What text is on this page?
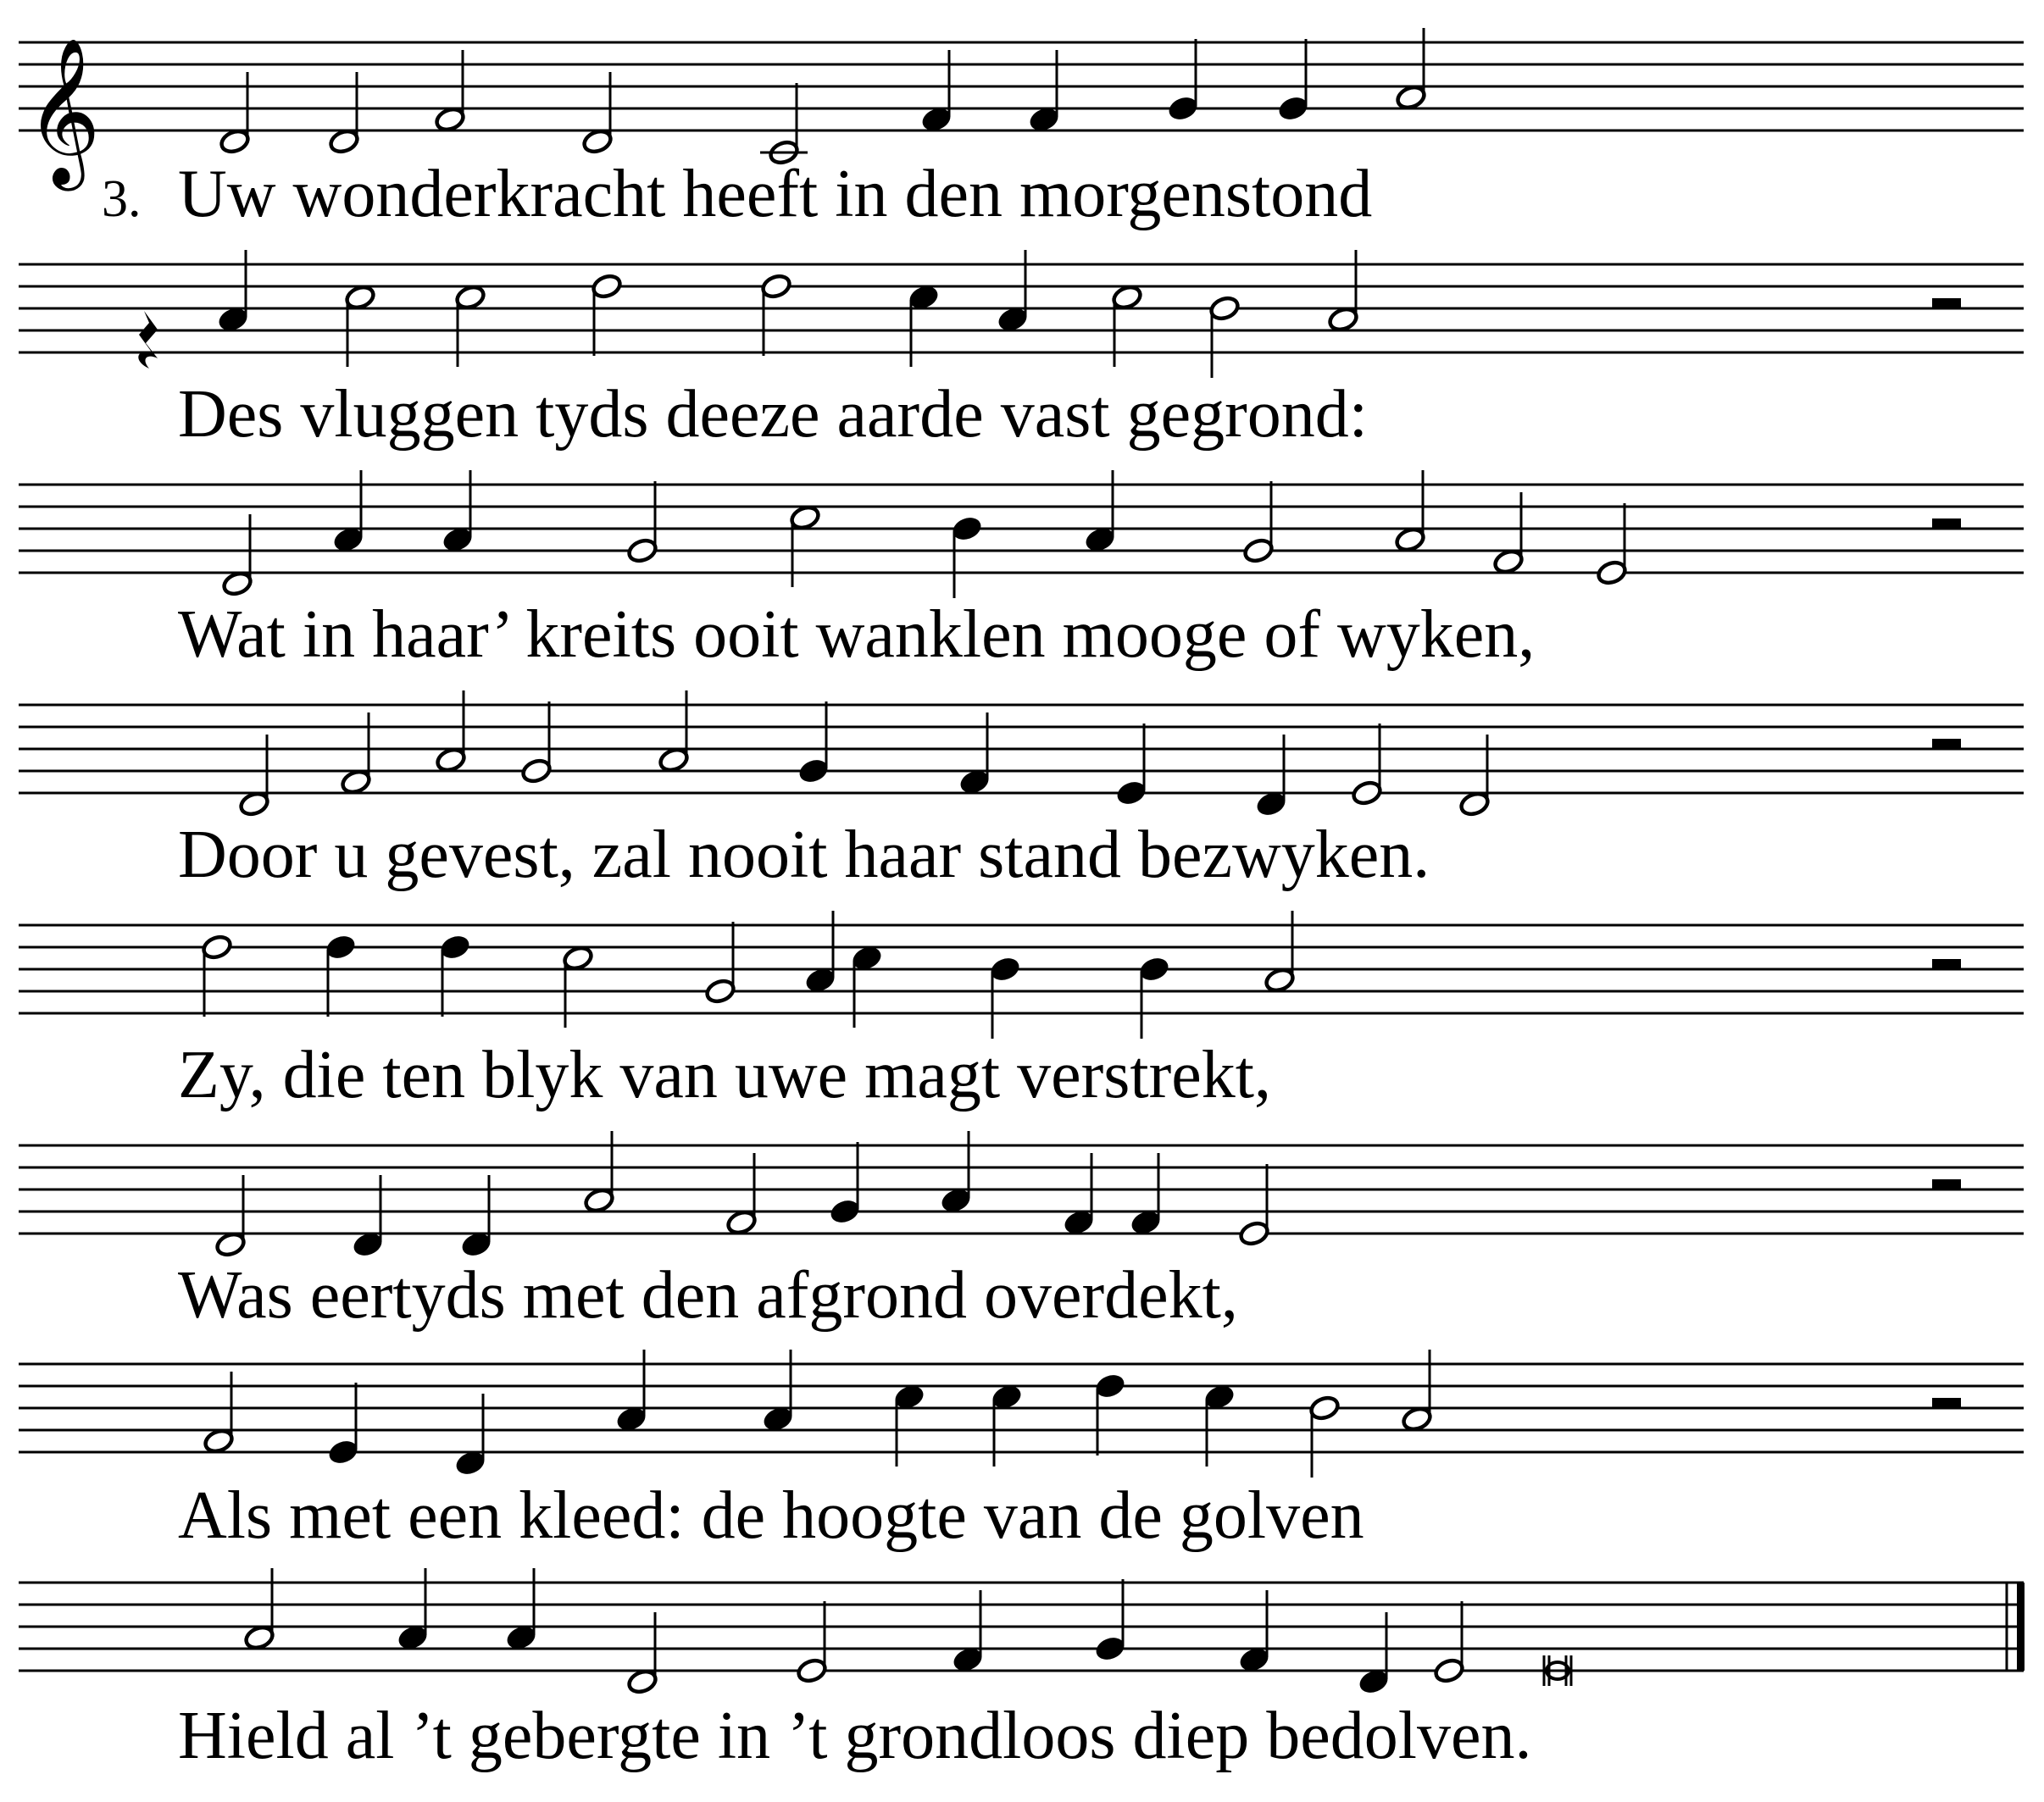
𝄞
3. Uw wonderkracht heeft in den morgenstond
Des vluggen tyds deeze aarde vast gegrond:
Wat in haar’ kreits ooit wanklen mooge of wyken,
Door u gevest, zal nooit haar stand bezwyken.
Zy, die ten blyk van uwe magt verstrekt,
Was eertyds met den afgrond overdekt,
Als met een kleed: de hoogte van de golven
Hield al ’t gebergte in ’t grondloos diep bedolven.
